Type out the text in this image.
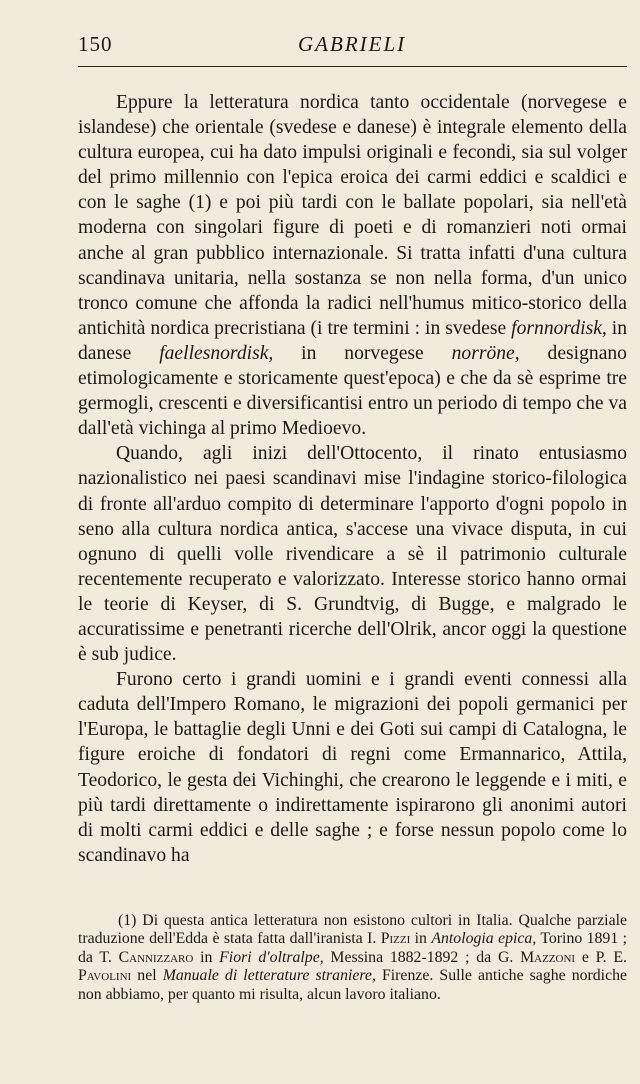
150	GABRIELI

Eppure la letteratura nordica tanto occidentale (norvegese e islandese) che orientale (svedese e danese) è integrale elemento della cultura europea, cui ha dato impulsi originali e fecondi, sia sul volger del primo millennio con l'epica eroica dei carmi eddici e scaldici e con le saghe (1) e poi più tardi con le ballate popolari, sia nell'età moderna con singolari figure di poeti e di romanzieri noti ormai anche al gran pubblico internazionale. Si tratta infatti d'una cultura scandinava unitaria, nella sostanza se non nella forma, d'un unico tronco comune che affonda la radici nell'humus mitico-storico della antichità nordica precristiana (i tre termini : in svedese fornnordisk, in danese faellesnordisk, in norvegese norröne, designano etimologicamente e storicamente quest'epoca) e che da sè esprime tre germogli, crescenti e diversificantisi entro un periodo di tempo che va dall'età vichinga al primo Medioevo.

Quando, agli inizi dell'Ottocento, il rinato entusiasmo nazionalistico nei paesi scandinavi mise l'indagine storico-filologica di fronte all'arduo compito di determinare l'apporto d'ogni popolo in seno alla cultura nordica antica, s'accese una vivace disputa, in cui ognuno di quelli volle rivendicare a sè il patrimonio culturale recentemente recuperato e valorizzato. Interesse storico hanno ormai le teorie di Keyser, di S. Grundtvig, di Bugge, e malgrado le accuratissime e penetranti ricerche dell'Olrik, ancor oggi la questione è sub judice.

Furono certo i grandi uomini e i grandi eventi connessi alla caduta dell'Impero Romano, le migrazioni dei popoli germanici per l'Europa, le battaglie degli Unni e dei Goti sui campi di Catalogna, le figure eroiche di fondatori di regni come Ermannarico, Attila, Teodorico, le gesta dei Vichinghi, che crearono le leggende e i miti, e più tardi direttamente o indirettamente ispirarono gli anonimi autori di molti carmi eddici e delle saghe ; e forse nessun popolo come lo scandinavo ha

(1) Di questa antica letteratura non esistono cultori in Italia. Qualche parziale traduzione dell'Edda è stata fatta dall'iranista I. Pizzi in Antologia epica, Torino 1891 ; da T. Cannizzaro in Fiori d'oltralpe, Messina 1882-1892 ; da G. Mazzoni e P. E. Pavolini nel Manuale di letterature straniere, Firenze. Sulle antiche saghe nordiche non abbiamo, per quanto mi risulta, alcun lavoro italiano.
